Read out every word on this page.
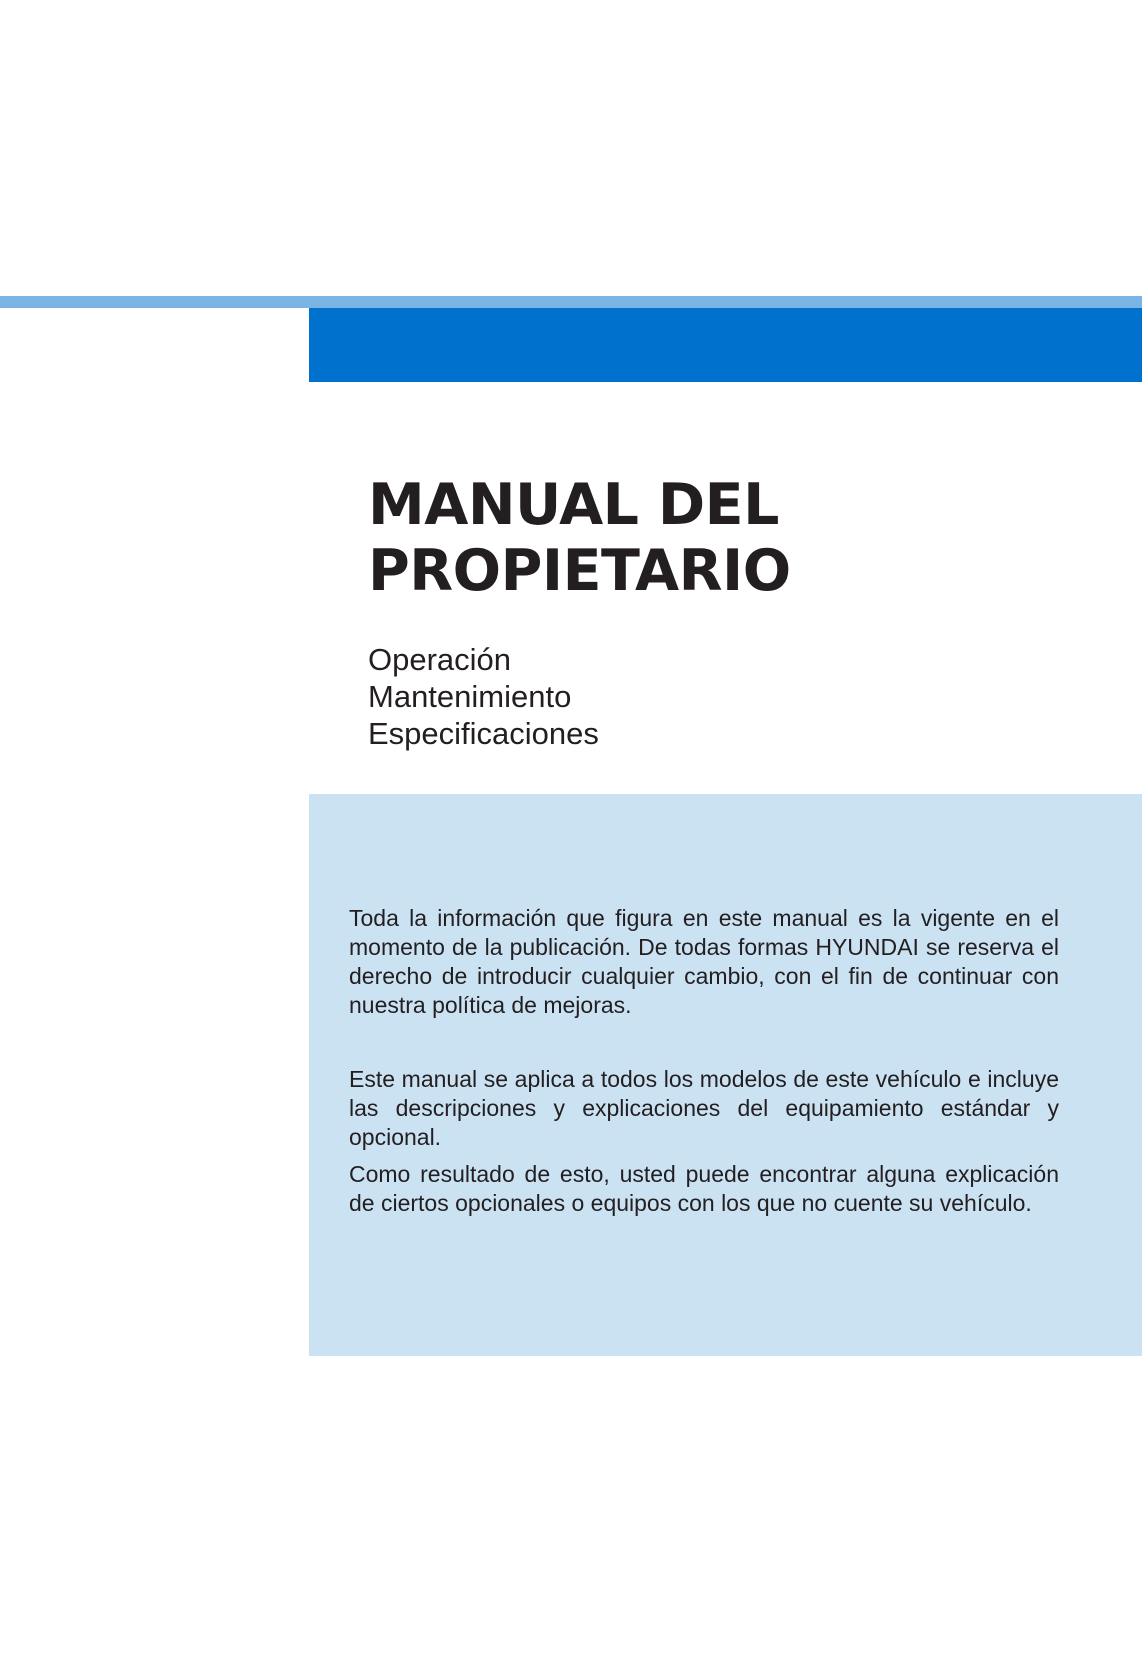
MANUAL DEL
PROPIETARIO
Operación
Mantenimiento
Especificaciones

Toda la información que figura en este manual es la vigente en el momento de la publicación. De todas formas HYUNDAI se reserva el derecho de introducir cualquier cambio, con el fin de continuar con nuestra política de mejoras.

Este manual se aplica a todos los modelos de este vehículo e incluye las descripciones y explicaciones del equipamiento estándar y opcional.

Como resultado de esto, usted puede encontrar alguna explicación de ciertos opcionales o equipos con los que no cuente su vehículo.
